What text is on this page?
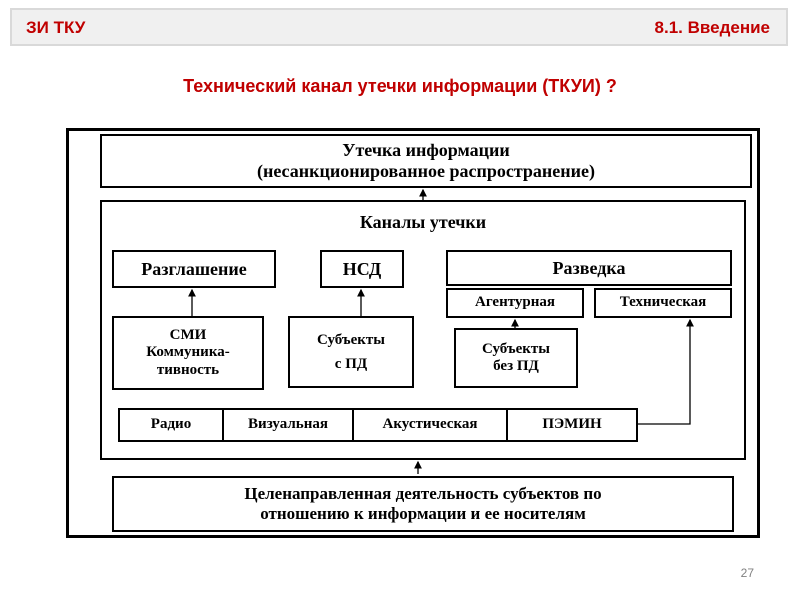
ЗИ ТКУ	8.1. Введение
Технический канал утечки информации (ТКУИ) ?
Утечка информации
(несанкционированное распространение)
Каналы утечки
Разглашение	НСД	Разведка
Агентурная	Техническая
СМИ
Коммуника-
тивность
Субъекты
с ПД
Субъекты
без ПД
Радио	Визуальная	Акустическая	ПЭМИН
Целенаправленная деятельность субъектов по
отношению к информации и ее носителям
27
